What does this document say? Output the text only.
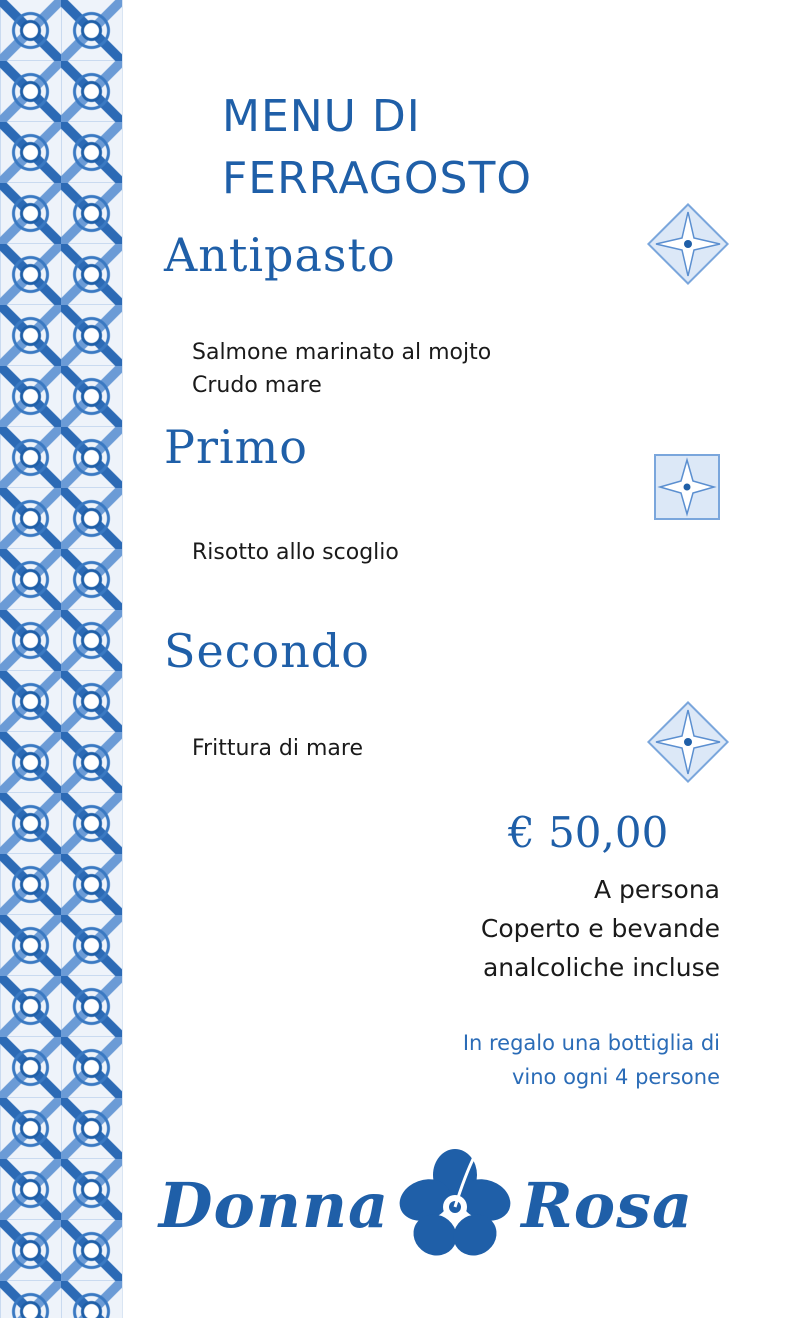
MENU DI
FERRAGOSTO
Antipasto
Salmone marinato al mojto
Crudo mare
Primo
Risotto allo scoglio
Secondo
Frittura di mare
€ 50,00
A persona
Coperto e bevande
analcoliche incluse
In regalo una bottiglia di
vino ogni 4 persone
Donna Rosa
